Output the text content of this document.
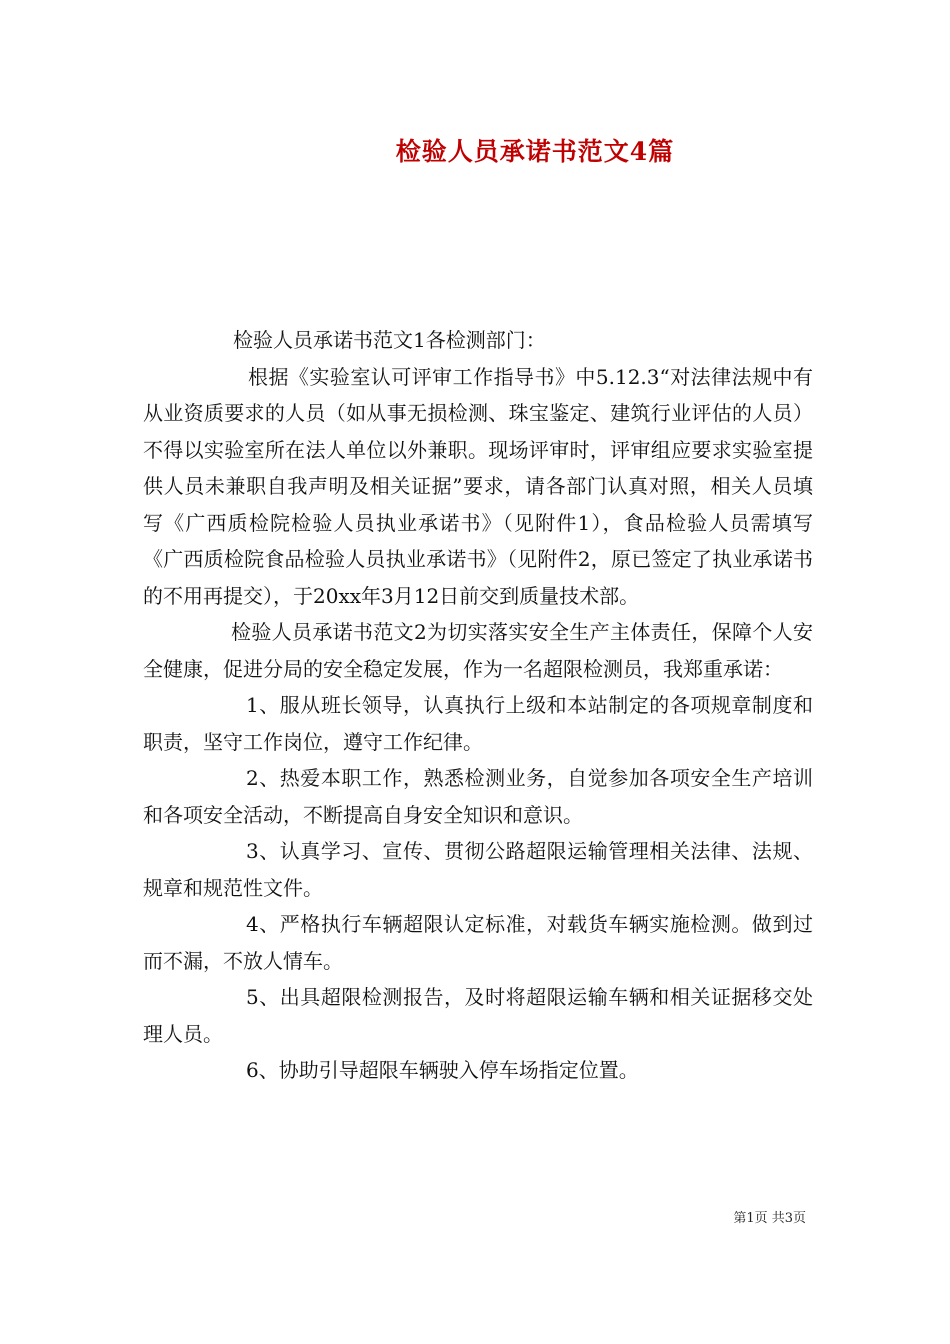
检验人员承诺书范文4篇

检验人员承诺书范文1各检测部门：

根据《实验室认可评审工作指导书》中5.12.3“对法律法规中有从业资质要求的人员（如从事无损检测、珠宝鉴定、建筑行业评估的人员）不得以实验室所在法人单位以外兼职。现场评审时，评审组应要求实验室提供人员未兼职自我声明及相关证据”要求，请各部门认真对照，相关人员填写《广西质检院检验人员执业承诺书》（见附件1），食品检验人员需填写《广西质检院食品检验人员执业承诺书》（见附件2，原已签定了执业承诺书的不用再提交），于20xx年3月12日前交到质量技术部。

检验人员承诺书范文2为切实落实安全生产主体责任，保障个人安全健康，促进分局的安全稳定发展，作为一名超限检测员，我郑重承诺：

1、服从班长领导，认真执行上级和本站制定的各项规章制度和职责，坚守工作岗位，遵守工作纪律。

2、热爱本职工作，熟悉检测业务，自觉参加各项安全生产培训和各项安全活动，不断提高自身安全知识和意识。

3、认真学习、宣传、贯彻公路超限运输管理相关法律、法规、规章和规范性文件。

4、严格执行车辆超限认定标准，对载货车辆实施检测。做到过而不漏，不放人情车。

5、出具超限检测报告，及时将超限运输车辆和相关证据移交处理人员。

6、协助引导超限车辆驶入停车场指定位置。

第1页 共3页
